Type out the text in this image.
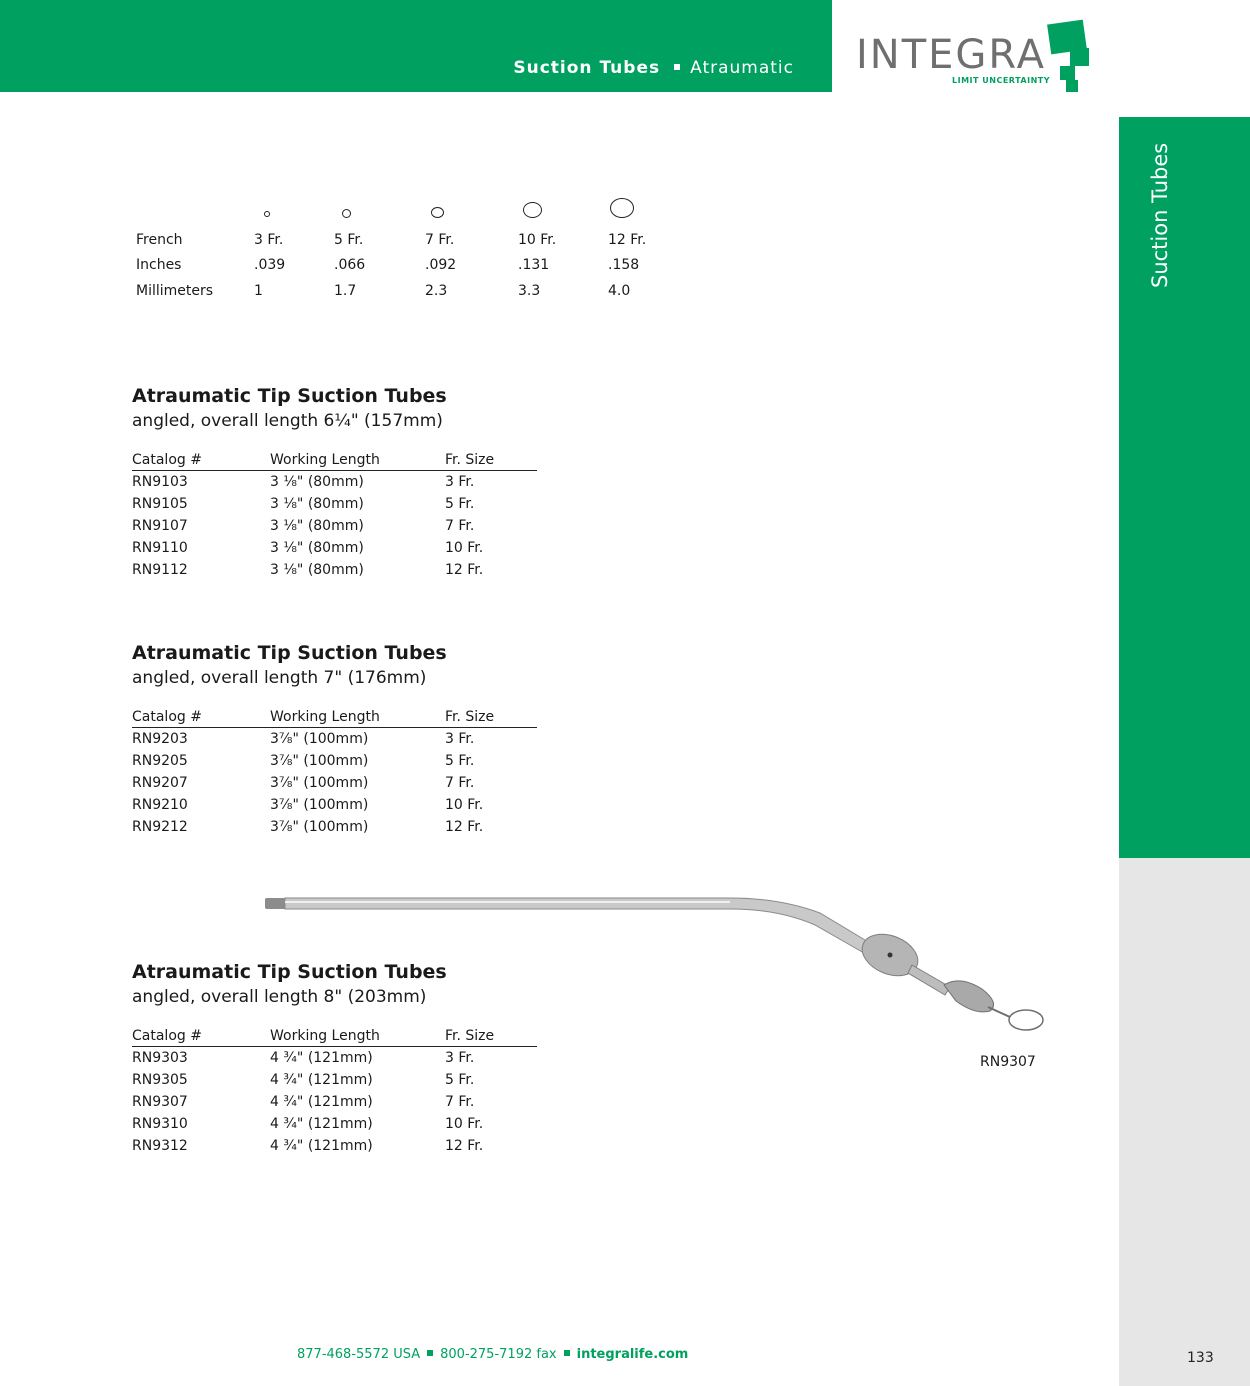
Suction Tubes Atraumatic INTEGRA
LIMIT UNCERTAINTY
Suction Tubes
French	3 Fr.	5 Fr.	7 Fr.	10 Fr.	12 Fr.
Inches	.039	.066	.092	.131	.158
Millimeters	1	1.7	2.3	3.3	4.0
Atraumatic Tip Suction Tubes

angled, overall length 6¼" (157mm)

Catalog #	Working Length	Fr. Size
RN9103	3 ⅛" (80mm)	3 Fr.
RN9105	3 ⅛" (80mm)	5 Fr.
RN9107	3 ⅛" (80mm)	7 Fr.
RN9110	3 ⅛" (80mm)	10 Fr.
RN9112	3 ⅛" (80mm)	12 Fr.
Atraumatic Tip Suction Tubes

angled, overall length 7" (176mm)

Catalog #	Working Length	Fr. Size
RN9203	3⅞" (100mm)	3 Fr.
RN9205	3⅞" (100mm)	5 Fr.
RN9207	3⅞" (100mm)	7 Fr.
RN9210	3⅞" (100mm)	10 Fr.
RN9212	3⅞" (100mm)	12 Fr.
RN9307
Atraumatic Tip Suction Tubes

angled, overall length 8" (203mm)

Catalog #	Working Length	Fr. Size
RN9303	4 ¾" (121mm)	3 Fr.
RN9305	4 ¾" (121mm)	5 Fr.
RN9307	4 ¾" (121mm)	7 Fr.
RN9310	4 ¾" (121mm)	10 Fr.
RN9312	4 ¾" (121mm)	12 Fr.
877-468-5572 USA 800-275-7192 fax integralife.com	133
